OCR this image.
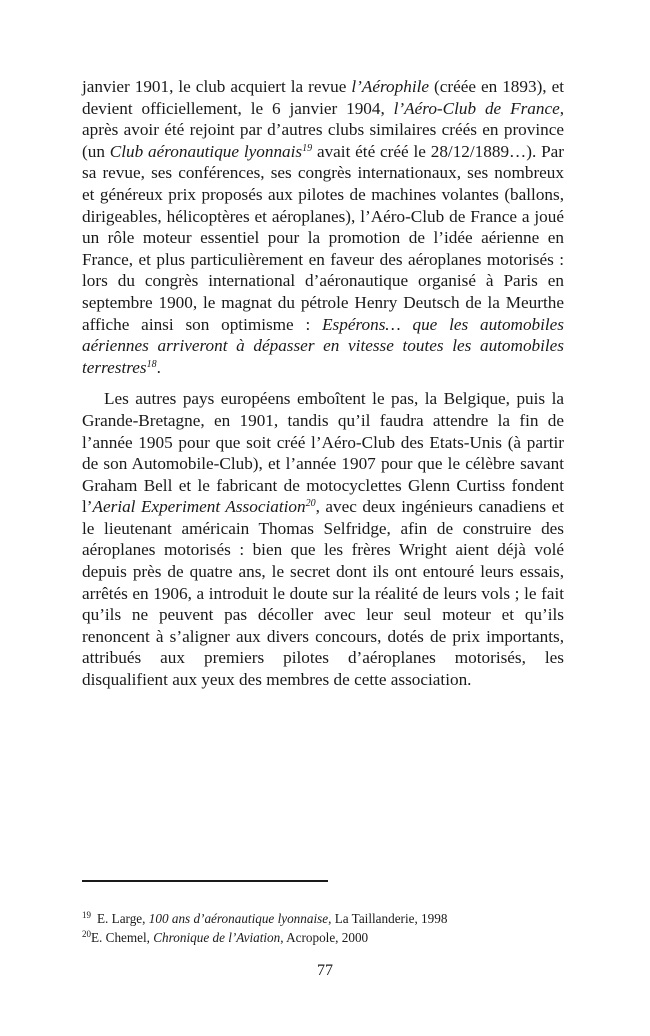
janvier 1901, le club acquiert la revue l’Aérophile (créée en 1893), et devient officiellement, le 6 janvier 1904, l’Aéro-Club de France, après avoir été rejoint par d’autres clubs similaires créés en province (un Club aéronautique lyonnais$^{19}$ avait été créé le 28/12/1889…). Par sa revue, ses conférences, ses congrès internationaux, ses nombreux et généreux prix proposés aux pilotes de machines volantes (ballons, dirigeables, hélicoptères et aéroplanes), l’Aéro-Club de France a joué un rôle moteur essentiel pour la promotion de l’idée aérienne en France, et plus particulièrement en faveur des aéroplanes motorisés : lors du congrès international d’aéronautique organisé à Paris en septembre 1900, le magnat du pétrole Henry Deutsch de la Meurthe affiche ainsi son optimisme : Espérons… que les automobiles aériennes arriveront à dépasser en vitesse toutes les automobiles terrestres$^{18}$.

Les autres pays européens emboîtent le pas, la Belgique, puis la Grande-Bretagne, en 1901, tandis qu’il faudra attendre la fin de l’année 1905 pour que soit créé l’Aéro-Club des Etats-Unis (à partir de son Automobile-Club), et l’année 1907 pour que le célèbre savant Graham Bell et le fabricant de motocyclettes Glenn Curtiss fondent l’Aerial Experiment Association$^{20}$, avec deux ingénieurs canadiens et le lieutenant américain Thomas Selfridge, afin de construire des aéroplanes motorisés : bien que les frères Wright aient déjà volé depuis près de quatre ans, le secret dont ils ont entouré leurs essais, arrêtés en 1906, a introduit le doute sur la réalité de leurs vols ; le fait qu’ils ne peuvent pas décoller avec leur seul moteur et qu’ils renoncent à s’aligner aux divers concours, dotés de prix importants, attribués aux premiers pilotes d’aéroplanes motorisés, les disqualifient aux yeux des membres de cette association.

$^{19}$ E. Large, 100 ans d’aéronautique lyonnaise, La Taillanderie, 1998
$^{20}$E. Chemel, Chronique de l’Aviation, Acropole, 2000
77
